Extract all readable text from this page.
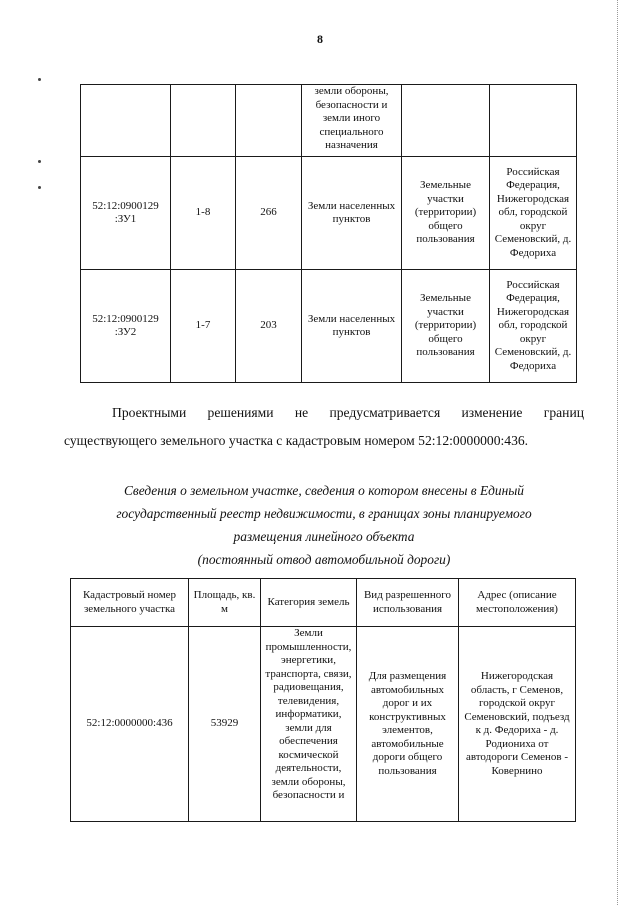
8
			земли обороны, безопасности и земли иного специального назначения		
52:12:0900129 :ЗУ1	1-8	266	Земли населенных пунктов	Земельные участки (территории) общего пользования	Российская Федерация, Нижегородская обл, городской округ Семеновский, д. Федориха
52:12:0900129 :ЗУ2	1-7	203	Земли населенных пунктов	Земельные участки (территории) общего пользования	Российская Федерация, Нижегородская обл, городской округ Семеновский, д. Федориха
Проектными решениями не предусматривается изменение границ
существующего земельного участка с кадастровым номером 52:12:0000000:436.
Сведения о земельном участке, сведения о котором внесены в Единый
государственный реестр недвижимости, в границах зоны планируемого
размещения линейного объекта
(постоянный отвод автомобильной дороги)
Кадастровый номер земельного участка	Площадь, кв. м	Категория земель	Вид разрешенного использования	Адрес (описание местоположения)
52:12:0000000:436	53929	Земли промышленности, энергетики, транспорта, связи, радиовещания, телевидения, информатики, земли для обеспечения космической деятельности, земли обороны, безопасности и	Для размещения автомобильных дорог и их конструктивных элементов, автомобильные дороги общего пользования	Нижегородская область, г Семенов, городской округ Семеновский, подъезд к д. Федориха - д. Родиониха от автодороги Семенов - Ковернино
